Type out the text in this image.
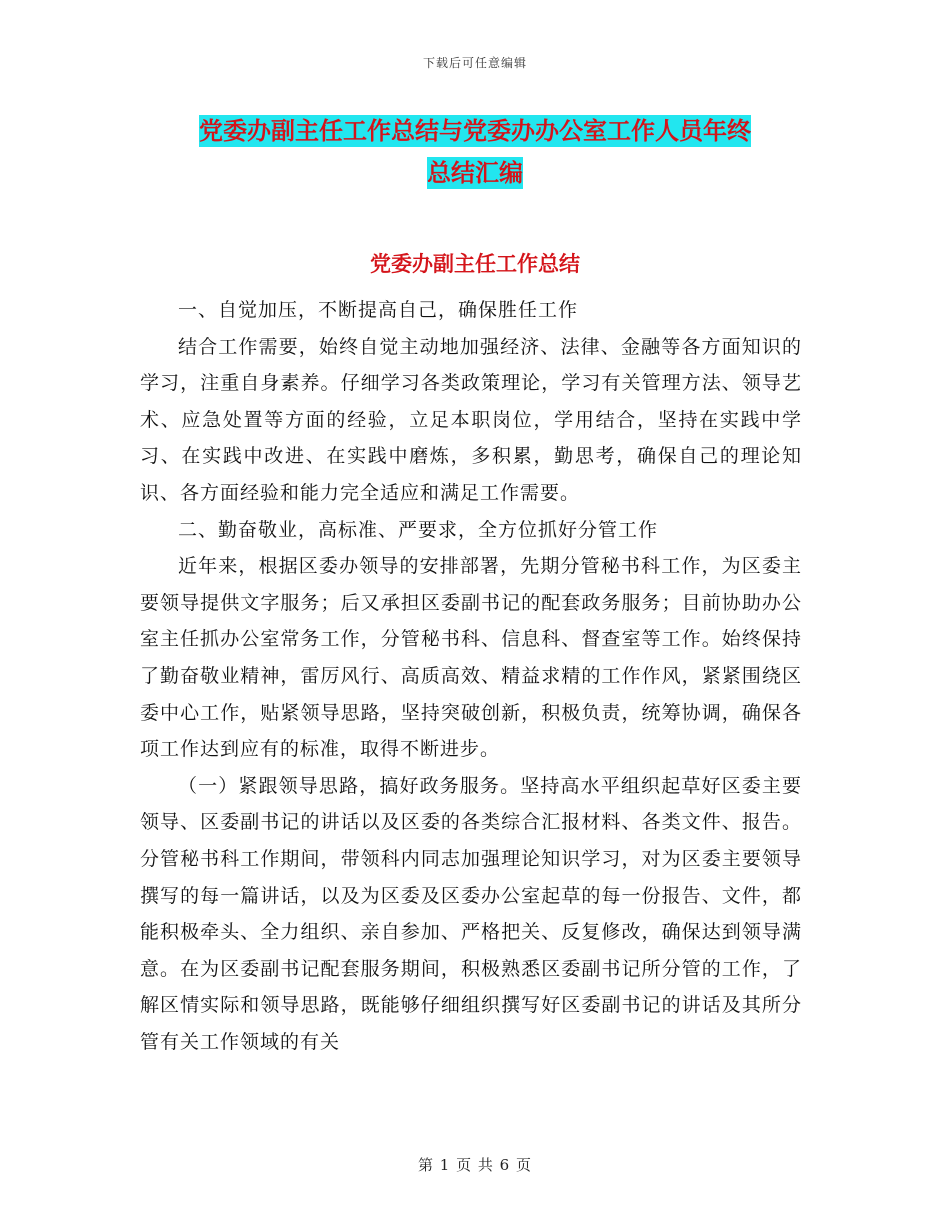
下载后可任意编辑
党委办副主任工作总结与党委办办公室工作人员年终
总结汇编
党委办副主任工作总结

一、自觉加压，不断提高自己，确保胜任工作

结合工作需要，始终自觉主动地加强经济、法律、金融等各方面知识的学习，注重自身素养。仔细学习各类政策理论，学习有关管理方法、领导艺术、应急处置等方面的经验，立足本职岗位，学用结合，坚持在实践中学习、在实践中改进、在实践中磨炼，多积累，勤思考，确保自己的理论知识、各方面经验和能力完全适应和满足工作需要。

二、勤奋敬业，高标准、严要求，全方位抓好分管工作

近年来，根据区委办领导的安排部署，先期分管秘书科工作，为区委主要领导提供文字服务；后又承担区委副书记的配套政务服务；目前协助办公室主任抓办公室常务工作，分管秘书科、信息科、督查室等工作。始终保持了勤奋敬业精神，雷厉风行、高质高效、精益求精的工作作风，紧紧围绕区委中心工作，贴紧领导思路，坚持突破创新，积极负责，统筹协调，确保各项工作达到应有的标准，取得不断进步。

（一）紧跟领导思路，搞好政务服务。坚持高水平组织起草好区委主要领导、区委副书记的讲话以及区委的各类综合汇报材料、各类文件、报告。分管秘书科工作期间，带领科内同志加强理论知识学习，对为区委主要领导撰写的每一篇讲话，以及为区委及区委办公室起草的每一份报告、文件，都能积极牵头、全力组织、亲自参加、严格把关、反复修改，确保达到领导满意。在为区委副书记配套服务期间，积极熟悉区委副书记所分管的工作，了解区情实际和领导思路，既能够仔细组织撰写好区委副书记的讲话及其所分管有关工作领域的有关

第 1 页 共 6 页
